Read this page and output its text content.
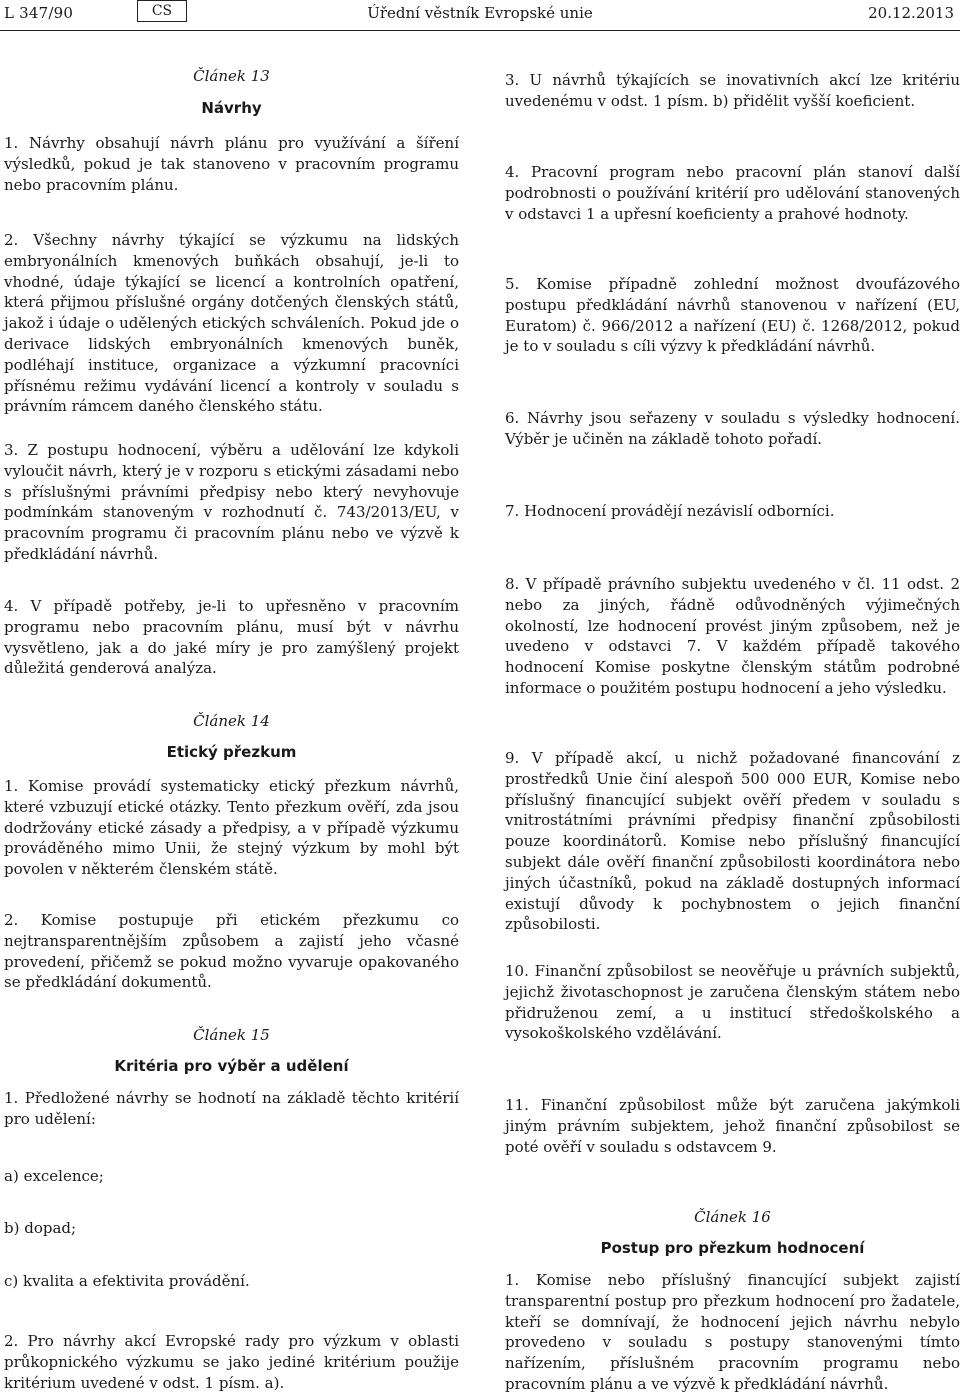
L 347/90	CS	Úřední věstník Evropské unie	20.12.2013

Článek 13

Návrhy

1. Návrhy obsahují návrh plánu pro využívání a šíření výsledků, pokud je tak stanoveno v pracovním programu nebo pracovním plánu.

2. Všechny návrhy týkající se výzkumu na lidských embryonálních kmenových buňkách obsahují, je-li to vhodné, údaje týkající se licencí a kontrolních opatření, která přijmou příslušné orgány dotčených členských států, jakož i údaje o udělených etických schváleních. Pokud jde o derivace lidských embryonálních kmenových buněk, podléhají instituce, organizace a výzkumní pracovníci přísnému režimu vydávání licencí a kontroly v souladu s právním rámcem daného členského státu.

3. Z postupu hodnocení, výběru a udělování lze kdykoli vyloučit návrh, který je v rozporu s etickými zásadami nebo s příslušnými právními předpisy nebo který nevyhovuje podmínkám stanoveným v rozhodnutí č. 743/2013/EU, v pracovním programu či pracovním plánu nebo ve výzvě k předkládání návrhů.

4. V případě potřeby, je-li to upřesněno v pracovním programu nebo pracovním plánu, musí být v návrhu vysvětleno, jak a do jaké míry je pro zamýšlený projekt důležitá genderová analýza.

Článek 14

Etický přezkum

1. Komise provádí systematicky etický přezkum návrhů, které vzbuzují etické otázky. Tento přezkum ověří, zda jsou dodržovány etické zásady a předpisy, a v případě výzkumu prováděného mimo Unii, že stejný výzkum by mohl být povolen v některém členském státě.

2. Komise postupuje při etickém přezkumu co nejtransparentnějším způsobem a zajistí jeho včasné provedení, přičemž se pokud možno vyvaruje opakovaného se předkládání dokumentů.

Článek 15

Kritéria pro výběr a udělení

1. Předložené návrhy se hodnotí na základě těchto kritérií pro udělení:

a) excelence;

b) dopad;

c) kvalita a efektivita provádění.

2. Pro návrhy akcí Evropské rady pro výzkum v oblasti průkopnického výzkumu se jako jediné kritérium použije kritérium uvedené v odst. 1 písm. a).

3. U návrhů týkajících se inovativních akcí lze kritériu uvedenému v odst. 1 písm. b) přidělit vyšší koeficient.

4. Pracovní program nebo pracovní plán stanoví další podrobnosti o používání kritérií pro udělování stanovených v odstavci 1 a upřesní koeficienty a prahové hodnoty.

5. Komise případně zohlední možnost dvoufázového postupu předkládání návrhů stanovenou v nařízení (EU, Euratom) č. 966/2012 a nařízení (EU) č. 1268/2012, pokud je to v souladu s cíli výzvy k předkládání návrhů.

6. Návrhy jsou seřazeny v souladu s výsledky hodnocení. Výběr je učiněn na základě tohoto pořadí.

7. Hodnocení provádějí nezávislí odborníci.

8. V případě právního subjektu uvedeného v čl. 11 odst. 2 nebo za jiných, řádně odůvodněných výjimečných okolností, lze hodnocení provést jiným způsobem, než je uvedeno v odstavci 7. V každém případě takového hodnocení Komise poskytne členským státům podrobné informace o použitém postupu hodnocení a jeho výsledku.

9. V případě akcí, u nichž požadované financování z prostředků Unie činí alespoň 500 000 EUR, Komise nebo příslušný financující subjekt ověří předem v souladu s vnitrostátními právními předpisy finanční způsobilosti pouze koordinátorů. Komise nebo příslušný financující subjekt dále ověří finanční způsobilosti koordinátora nebo jiných účastníků, pokud na základě dostupných informací existují důvody k pochybnostem o jejich finanční způsobilosti.

10. Finanční způsobilost se neověřuje u právních subjektů, jejichž životaschopnost je zaručena členským státem nebo přidruženou zemí, a u institucí středoškolského a vysokoškolského vzdělávání.

11. Finanční způsobilost může být zaručena jakýmkoli jiným právním subjektem, jehož finanční způsobilost se poté ověří v souladu s odstavcem 9.

Článek 16

Postup pro přezkum hodnocení

1. Komise nebo příslušný financující subjekt zajistí transparentní postup pro přezkum hodnocení pro žadatele, kteří se domnívají, že hodnocení jejich návrhu nebylo provedeno v souladu s postupy stanovenými tímto nařízením, příslušném pracovním programu nebo pracovním plánu a ve výzvě k předkládání návrhů.
